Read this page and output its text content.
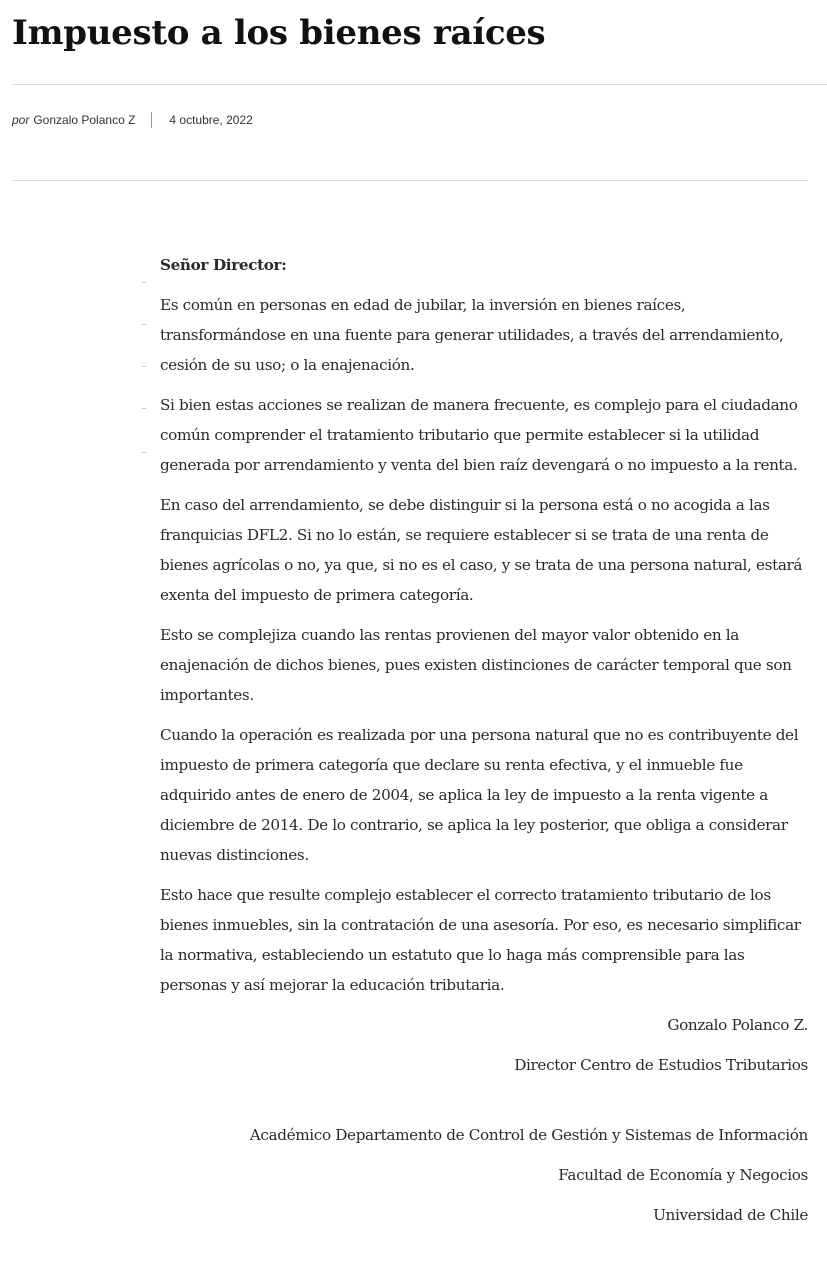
Impuesto a los bienes raíces
por Gonzalo Polanco Z	4 octubre, 2022

Señor Director:

Es común en personas en edad de jubilar, la inversión en bienes raíces, transformándose en una fuente para generar utilidades, a través del arrendamiento, cesión de su uso; o la enajenación.

Si bien estas acciones se realizan de manera frecuente, es complejo para el ciudadano común comprender el tratamiento tributario que permite establecer si la utilidad generada por arrendamiento y venta del bien raíz devengará o no impuesto a la renta.

En caso del arrendamiento, se debe distinguir si la persona está o no acogida a las franquicias DFL2. Si no lo están, se requiere establecer si se trata de una renta de bienes agrícolas o no, ya que, si no es el caso, y se trata de una persona natural, estará exenta del impuesto de primera categoría.

Esto se complejiza cuando las rentas provienen del mayor valor obtenido en la enajenación de dichos bienes, pues existen distinciones de carácter temporal que son importantes.

Cuando la operación es realizada por una persona natural que no es contribuyente del impuesto de primera categoría que declare su renta efectiva, y el inmueble fue adquirido antes de enero de 2004, se aplica la ley de impuesto a la renta vigente a diciembre de 2014. De lo contrario, se aplica la ley posterior, que obliga a considerar nuevas distinciones.

Esto hace que resulte complejo establecer el correcto tratamiento tributario de los bienes inmuebles, sin la contratación de una asesoría. Por eso, es necesario simplificar la normativa, estableciendo un estatuto que lo haga más comprensible para las personas y así mejorar la educación tributaria.

Gonzalo Polanco Z.

Director Centro de Estudios Tributarios

Académico Departamento de Control de Gestión y Sistemas de Información

Facultad de Economía y Negocios

Universidad de Chile
